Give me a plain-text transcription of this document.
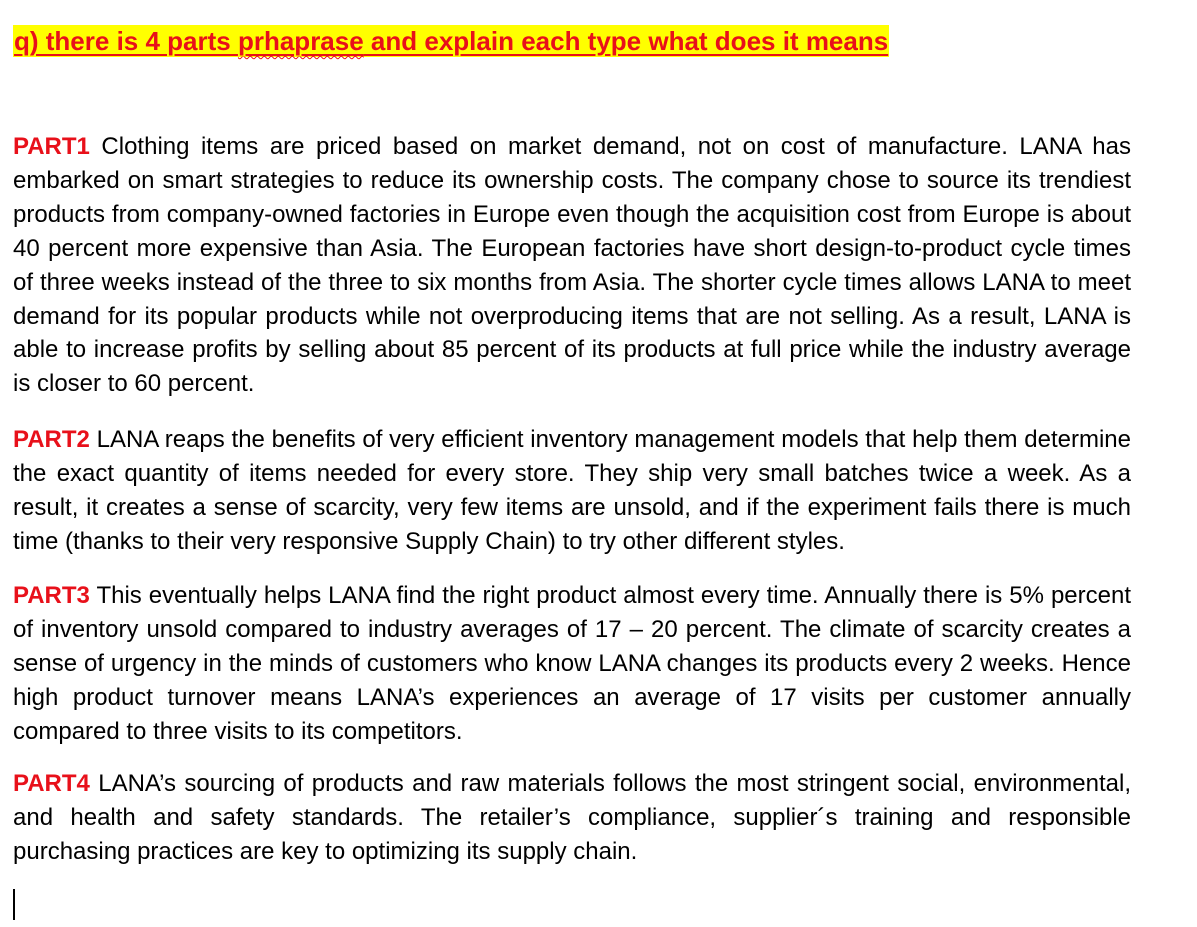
q) there is 4 parts prhaprase and explain each type what does it means

PART1 Clothing items are priced based on market demand, not on cost of manufacture. LANA has embarked on smart strategies to reduce its ownership costs. The company chose to source its trendiest products from company-owned factories in Europe even though the acquisition cost from Europe is about 40 percent more expensive than Asia. The European factories have short design-to-product cycle times of three weeks instead of the three to six months from Asia. The shorter cycle times allows LANA to meet demand for its popular products while not overproducing items that are not selling. As a result, LANA is able to increase profits by selling about 85 percent of its products at full price while the industry average is closer to 60 percent.

PART2 LANA reaps the benefits of very efficient inventory management models that help them determine the exact quantity of items needed for every store. They ship very small batches twice a week. As a result, it creates a sense of scarcity, very few items are unsold, and if the experiment fails there is much time (thanks to their very responsive Supply Chain) to try other different styles.

PART3 This eventually helps LANA find the right product almost every time. Annually there is 5% percent of inventory unsold compared to industry averages of 17 – 20 percent. The climate of scarcity creates a sense of urgency in the minds of customers who know LANA changes its products every 2 weeks. Hence high product turnover means LANA’s experiences an average of 17 visits per customer annually compared to three visits to its competitors.

PART4 LANA’s sourcing of products and raw materials follows the most stringent social, environmental, and health and safety standards. The retailer’s compliance, supplier´s training and responsible purchasing practices are key to optimizing its supply chain.
